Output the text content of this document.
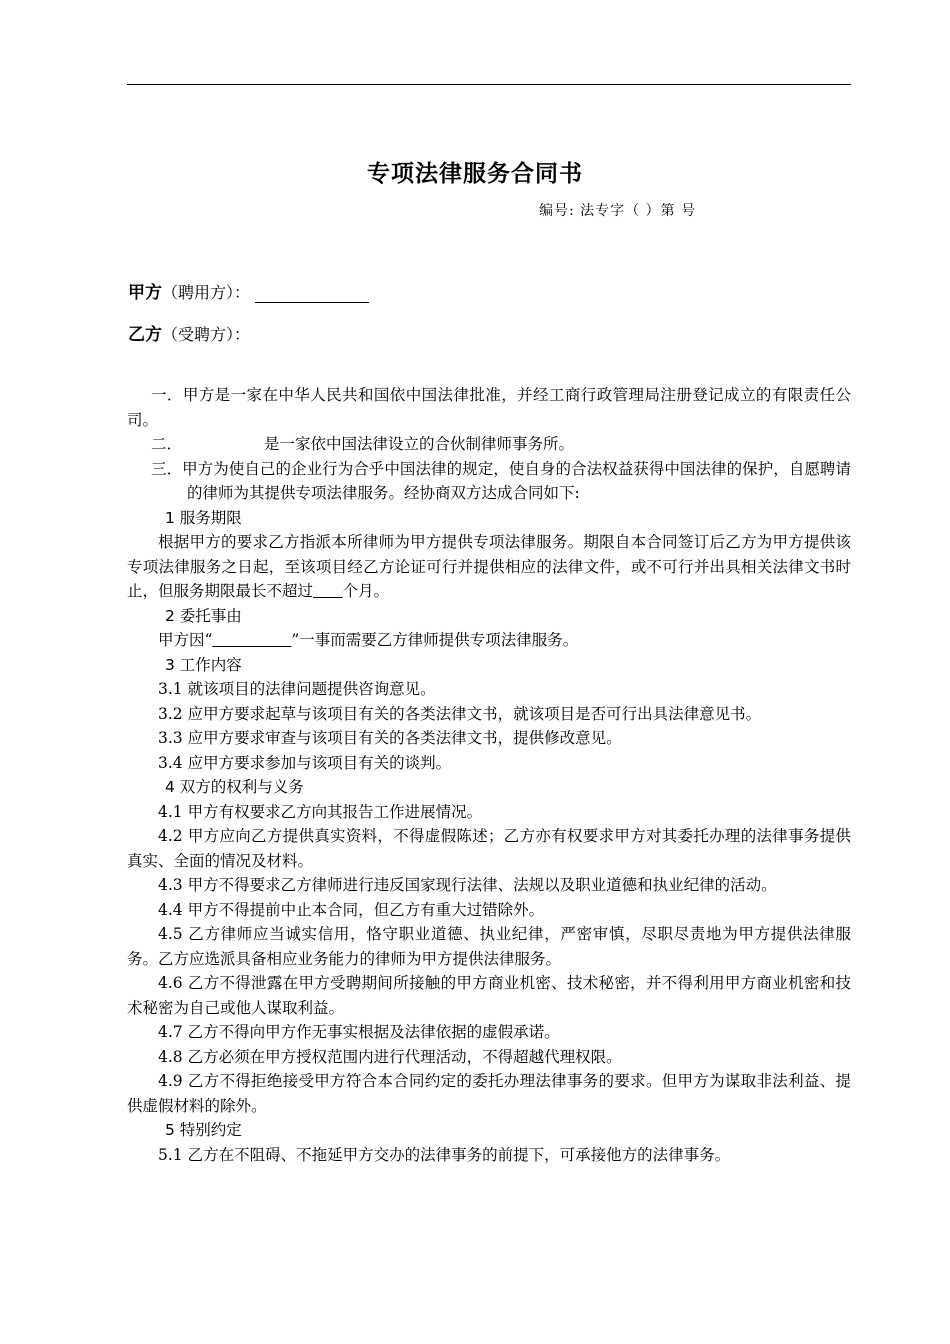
专项法律服务合同书
编号: 法专字（ ）第 号
甲方（聘用方）：
乙方（受聘方）：

一．甲方是一家在中华人民共和国依中国法律批准，并经工商行政管理局注册登记成立的有限责任公司。

二．	是一家依中国法律设立的合伙制律师事务所。

三．甲方为使自己的企业行为合乎中国法律的规定，使自身的合法权益获得中国法律的保护，自愿聘请的律师为其提供专项法律服务。经协商双方达成合同如下:

1 服务期限

根据甲方的要求乙方指派本所律师为甲方提供专项法律服务。期限自本合同签订后乙方为甲方提供该专项法律服务之日起，至该项目经乙方论证可行并提供相应的法律文件，或不可行并出具相关法律文书时止，但服务期限最长不超过    个月。

2 委托事由

甲方因“        	”一事而需要乙方律师提供专项法律服务。

3 工作内容

3.1 就该项目的法律问题提供咨询意见。

3.2 应甲方要求起草与该项目有关的各类法律文书，就该项目是否可行出具法律意见书。

3.3 应甲方要求审查与该项目有关的各类法律文书，提供修改意见。

3.4 应甲方要求参加与该项目有关的谈判。

4 双方的权利与义务

4.1 甲方有权要求乙方向其报告工作进展情况。

4.2 甲方应向乙方提供真实资料，不得虚假陈述；乙方亦有权要求甲方对其委托办理的法律事务提供真实、全面的情况及材料。

4.3 甲方不得要求乙方律师进行违反国家现行法律、法规以及职业道德和执业纪律的活动。

4.4 甲方不得提前中止本合同，但乙方有重大过错除外。

4.5 乙方律师应当诚实信用，恪守职业道德、执业纪律，严密审慎，尽职尽责地为甲方提供法律服务。乙方应选派具备相应业务能力的律师为甲方提供法律服务。

4.6 乙方不得泄露在甲方受聘期间所接触的甲方商业机密、技术秘密，并不得利用甲方商业机密和技术秘密为自己或他人谋取利益。

4.7 乙方不得向甲方作无事实根据及法律依据的虚假承诺。

4.8 乙方必须在甲方授权范围内进行代理活动，不得超越代理权限。

4.9 乙方不得拒绝接受甲方符合本合同约定的委托办理法律事务的要求。但甲方为谋取非法利益、提供虚假材料的除外。

5 特别约定

5.1 乙方在不阻碍、不拖延甲方交办的法律事务的前提下，可承接他方的法律事务。
